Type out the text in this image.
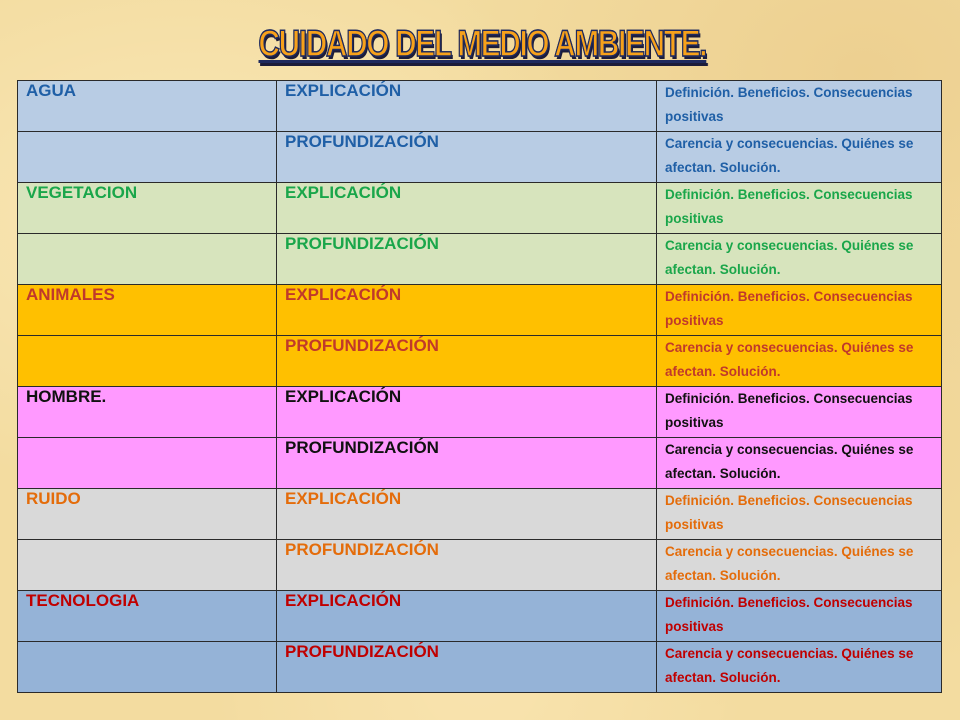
CUIDADO DEL MEDIO AMBIENTE.
AGUA	EXPLICACIÓN	Definición. Beneficios. Consecuencias positivas
	PROFUNDIZACIÓN	Carencia y consecuencias. Quiénes se afectan. Solución.
VEGETACION	EXPLICACIÓN	Definición. Beneficios. Consecuencias positivas
	PROFUNDIZACIÓN	Carencia y consecuencias. Quiénes se afectan. Solución.
ANIMALES	EXPLICACIÓN	Definición. Beneficios. Consecuencias positivas
	PROFUNDIZACIÓN	Carencia y consecuencias. Quiénes se afectan. Solución.
HOMBRE.	EXPLICACIÓN	Definición. Beneficios. Consecuencias positivas
	PROFUNDIZACIÓN	Carencia y consecuencias. Quiénes se afectan. Solución.
RUIDO	EXPLICACIÓN	Definición. Beneficios. Consecuencias positivas
	PROFUNDIZACIÓN	Carencia y consecuencias. Quiénes se afectan. Solución.
TECNOLOGIA	EXPLICACIÓN	Definición. Beneficios. Consecuencias positivas
	PROFUNDIZACIÓN	Carencia y consecuencias. Quiénes se afectan. Solución.
